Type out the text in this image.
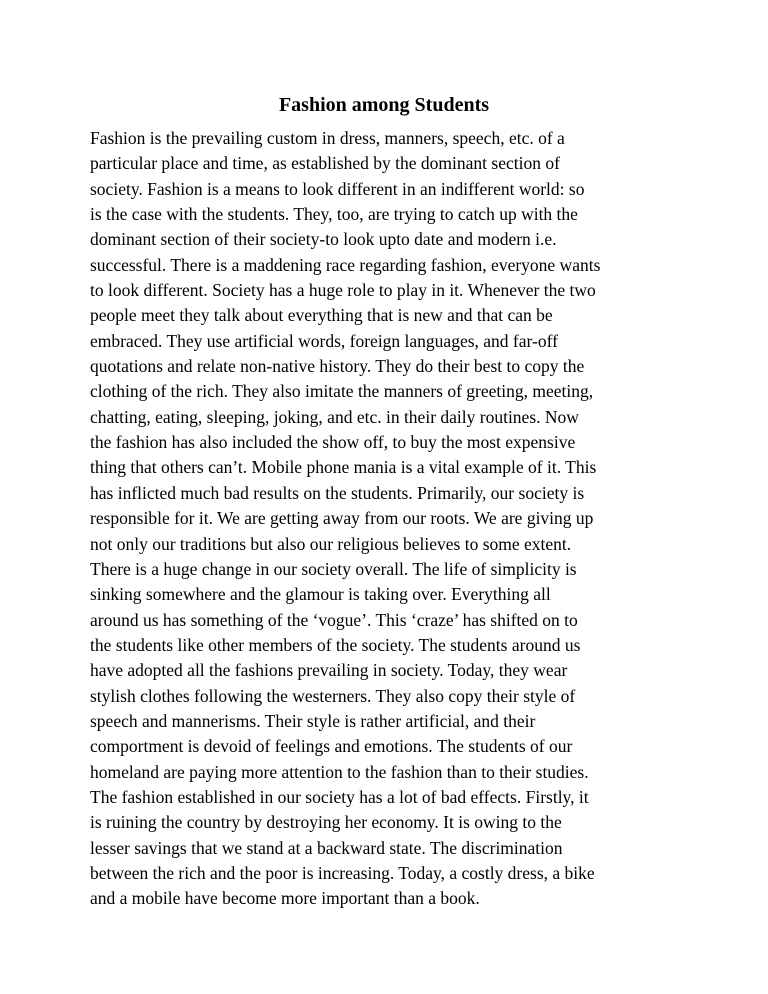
Fashion among Students
Fashion is the prevailing custom in dress, manners, speech, etc. of a
particular place and time, as established by the dominant section of
society. Fashion is a means to look different in an indifferent world: so
is the case with the students. They, too, are trying to catch up with the
dominant section of their society-to look upto date and modern i.e.
successful. There is a maddening race regarding fashion, everyone wants
to look different. Society has a huge role to play in it. Whenever the two
people meet they talk about everything that is new and that can be
embraced. They use artificial words, foreign languages, and far-off
quotations and relate non-native history. They do their best to copy the
clothing of the rich. They also imitate the manners of greeting, meeting,
chatting, eating, sleeping, joking, and etc. in their daily routines. Now
the fashion has also included the show off, to buy the most expensive
thing that others can’t. Mobile phone mania is a vital example of it. This
has inflicted much bad results on the students. Primarily, our society is
responsible for it. We are getting away from our roots. We are giving up
not only our traditions but also our religious believes to some extent.
There is a huge change in our society overall. The life of simplicity is
sinking somewhere and the glamour is taking over. Everything all
around us has something of the ‘vogue’. This ‘craze’ has shifted on to
the students like other members of the society. The students around us
have adopted all the fashions prevailing in society. Today, they wear
stylish clothes following the westerners. They also copy their style of
speech and mannerisms. Their style is rather artificial, and their
comportment is devoid of feelings and emotions. The students of our
homeland are paying more attention to the fashion than to their studies.
The fashion established in our society has a lot of bad effects. Firstly, it
is ruining the country by destroying her economy. It is owing to the
lesser savings that we stand at a backward state. The discrimination
between the rich and the poor is increasing. Today, a costly dress, a bike
and a mobile have become more important than a book.
